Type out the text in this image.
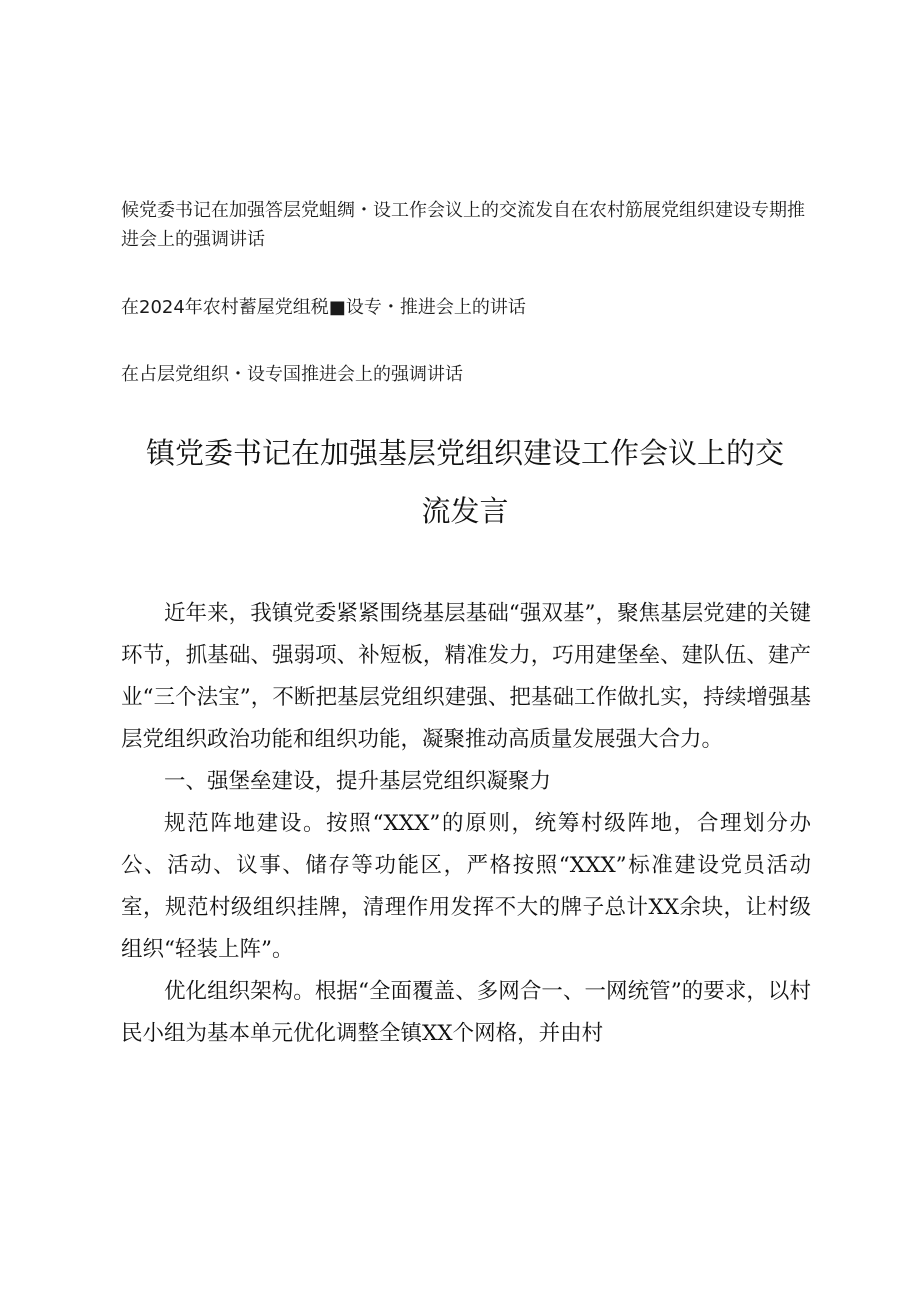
候党委书记在加强答层党蛆绸・设工作会议上的交流发自在农村筋展党组织建设专期推进会上的强调讲话
在2024年农村蓄屋党组税■设专・推进会上的讲话
在占层党组织・设专国推进会上的强调讲话
镇党委书记在加强基层党组织建设工作会议上的交流发言

近年来，我镇党委紧紧围绕基层基础“强双基”，聚焦基层党建的关键环节，抓基础、强弱项、补短板，精准发力，巧用建堡垒、建队伍、建产业“三个法宝”，不断把基层党组织建强、把基础工作做扎实，持续增强基层党组织政治功能和组织功能，凝聚推动高质量发展强大合力。

一、强堡垒建设，提升基层党组织凝聚力

规范阵地建设。按照“XXX”的原则，统筹村级阵地，合理划分办公、活动、议事、储存等功能区，严格按照“XXX”标准建设党员活动室，规范村级组织挂牌，清理作用发挥不大的牌子总计XX余块，让村级组织“轻装上阵”。

优化组织架构。根据“全面覆盖、多网合一、一网统管”的要求，以村民小组为基本单元优化调整全镇XX个网格，并由村
